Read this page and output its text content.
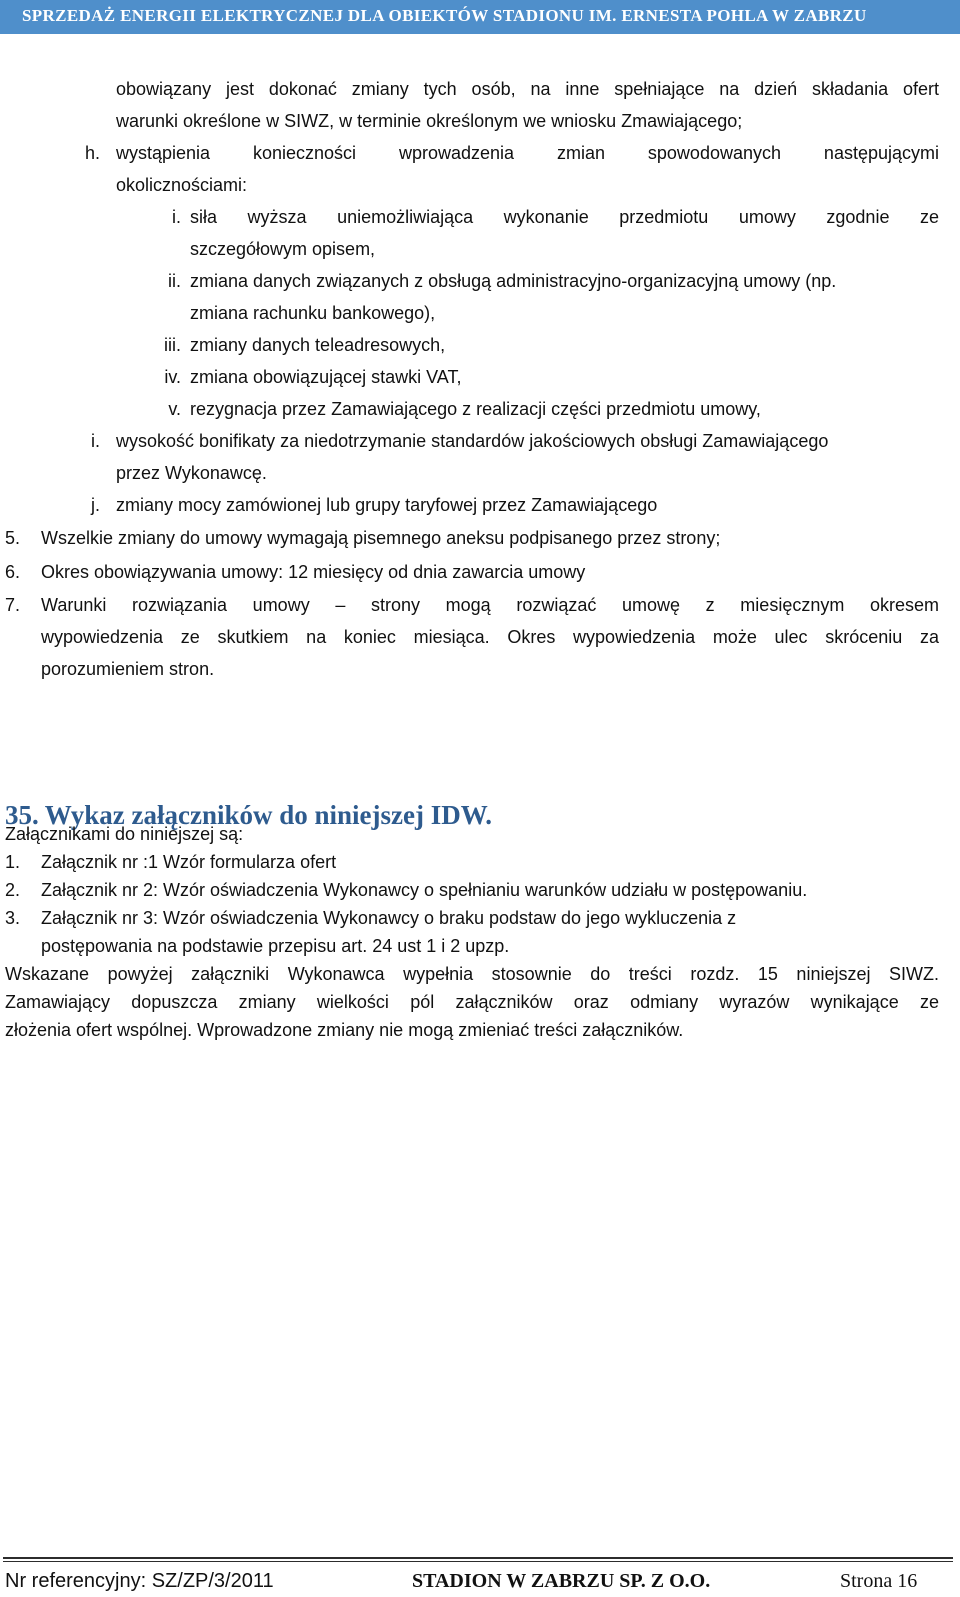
SPRZEDAŻ ENERGII ELEKTRYCZNEJ DLA OBIEKTÓW STADIONU IM. ERNESTA POHLA W ZABRZU
obowiązany jest dokonać zmiany tych osób, na inne spełniające na dzień składania ofert
warunki określone w SIWZ, w terminie określonym we wniosku Zmawiającego;
h. wystąpienia konieczności wprowadzenia zmian spowodowanych następującymi
okolicznościami:
i. siła wyższa uniemożliwiająca wykonanie przedmiotu umowy zgodnie ze
szczegółowym opisem,
ii. zmiana danych związanych z obsługą administracyjno-organizacyjną umowy (np.
zmiana rachunku bankowego),
iii. zmiany danych teleadresowych,
iv. zmiana obowiązującej stawki VAT,
v. rezygnacja przez Zamawiającego z realizacji części przedmiotu umowy,
i. wysokość bonifikaty za niedotrzymanie standardów jakościowych obsługi Zamawiającego
przez Wykonawcę.
j. zmiany mocy zamówionej lub grupy taryfowej przez Zamawiającego
5. Wszelkie zmiany do umowy wymagają pisemnego aneksu podpisanego przez strony;
6. Okres obowiązywania umowy: 12 miesięcy od dnia zawarcia umowy
7. Warunki rozwiązania umowy – strony mogą rozwiązać umowę z miesięcznym okresem
wypowiedzenia ze skutkiem na koniec miesiąca. Okres wypowiedzenia może ulec skróceniu za
porozumieniem stron.
35. Wykaz załączników do niniejszej IDW.
Załącznikami do niniejszej są:
1. Załącznik nr :1 Wzór formularza ofert
2. Załącznik nr 2: Wzór oświadczenia Wykonawcy o spełnianiu warunków udziału w postępowaniu.
3. Załącznik nr 3: Wzór oświadczenia Wykonawcy o braku podstaw do jego wykluczenia z
postępowania na podstawie przepisu art. 24 ust 1 i 2 upzp.
Wskazane powyżej załączniki Wykonawca wypełnia stosownie do treści rozdz. 15 niniejszej SIWZ.
Zamawiający dopuszcza zmiany wielkości pól załączników oraz odmiany wyrazów wynikające ze
złożenia ofert wspólnej. Wprowadzone zmiany nie mogą zmieniać treści załączników.
Nr referencyjny: SZ/ZP/3/2011	STADION W ZABRZU SP. Z O.O.	Strona 16
